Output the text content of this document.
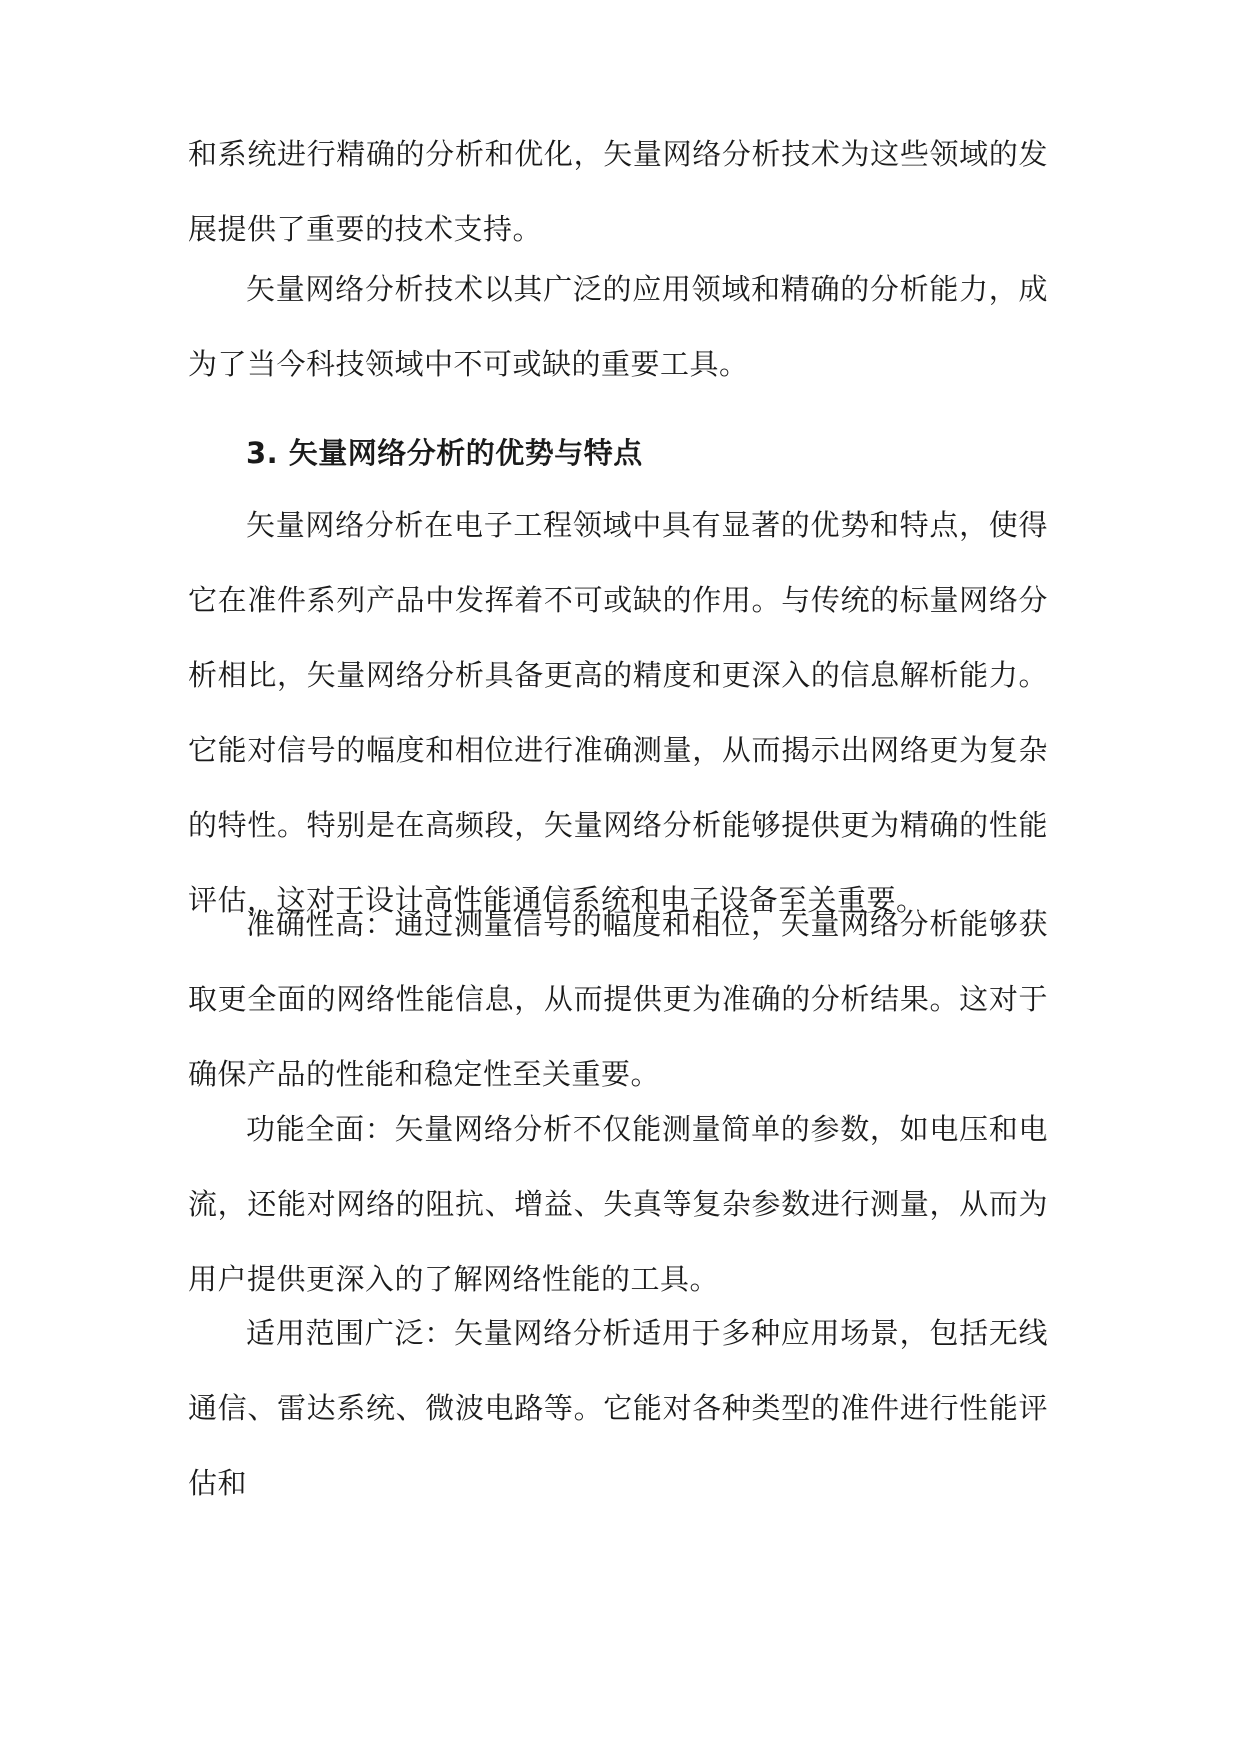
和系统进行精确的分析和优化，矢量网络分析技术为这些领域的发展提供了重要的技术支持。

矢量网络分析技术以其广泛的应用领域和精确的分析能力，成为了当今科技领域中不可或缺的重要工具。

3. 矢量网络分析的优势与特点

矢量网络分析在电子工程领域中具有显著的优势和特点，使得它在准件系列产品中发挥着不可或缺的作用。与传统的标量网络分析相比，矢量网络分析具备更高的精度和更深入的信息解析能力。它能对信号的幅度和相位进行准确测量，从而揭示出网络更为复杂的特性。特别是在高频段，矢量网络分析能够提供更为精确的性能评估，这对于设计高性能通信系统和电子设备至关重要。

准确性高：通过测量信号的幅度和相位，矢量网络分析能够获取更全面的网络性能信息，从而提供更为准确的分析结果。这对于确保产品的性能和稳定性至关重要。

功能全面：矢量网络分析不仅能测量简单的参数，如电压和电流，还能对网络的阻抗、增益、失真等复杂参数进行测量，从而为用户提供更深入的了解网络性能的工具。

适用范围广泛：矢量网络分析适用于多种应用场景，包括无线通信、雷达系统、微波电路等。它能对各种类型的准件进行性能评估和
